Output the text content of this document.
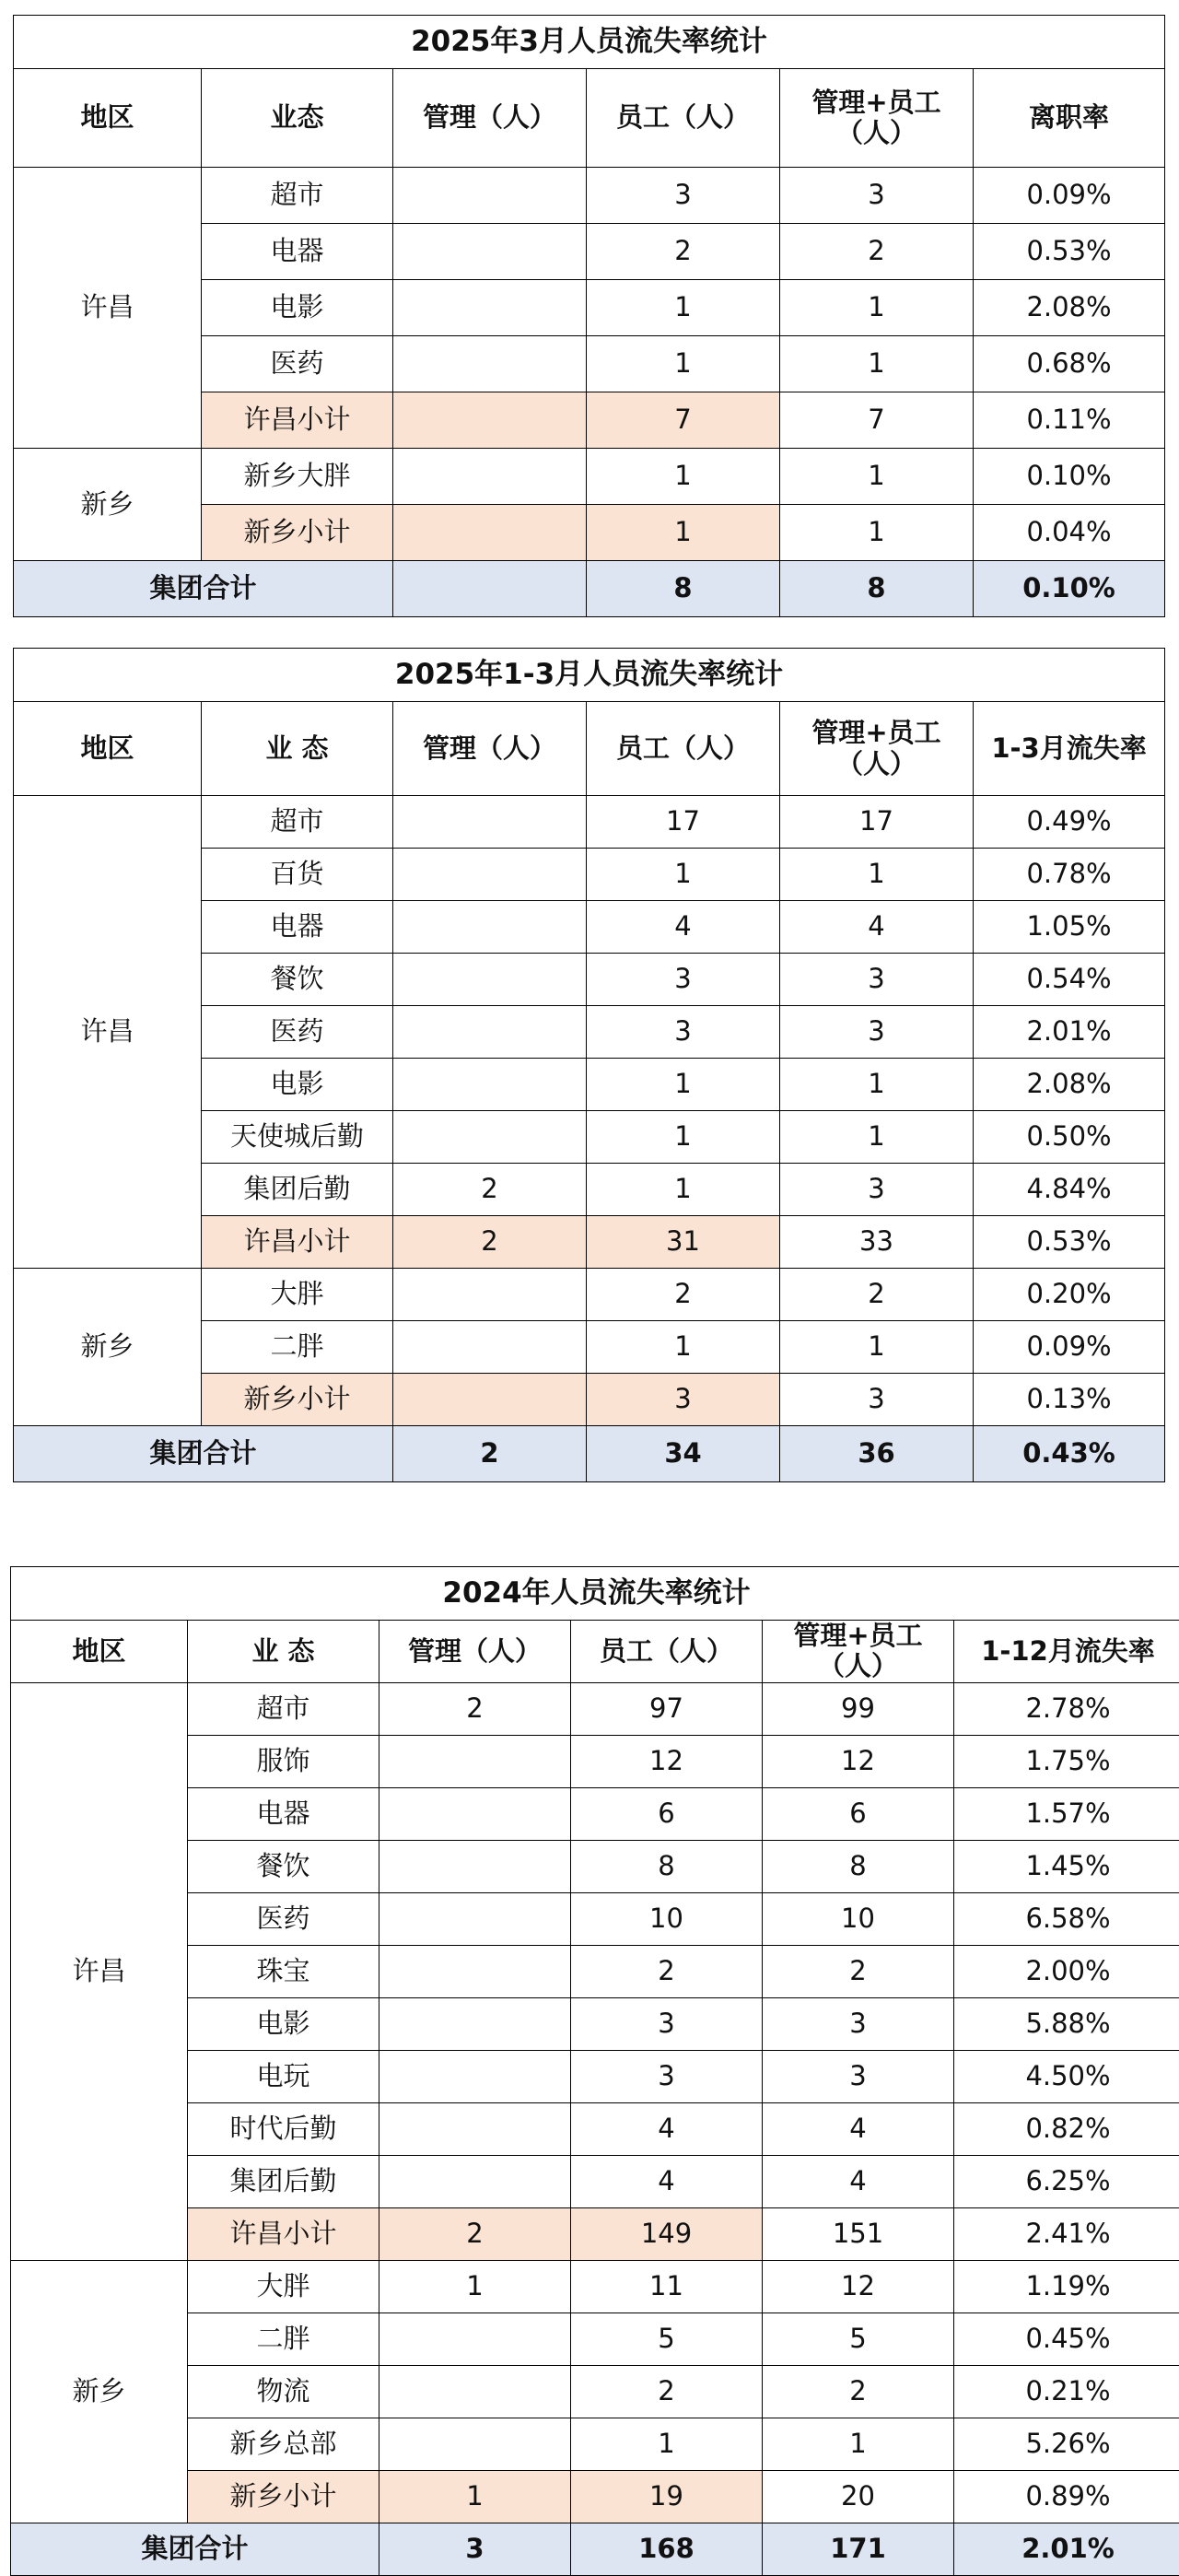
2025年3月人员流失率统计					
地区	业态	管理（人）	员工（人）	管理+员工（人）	离职率
许昌	超市		3	3	0.09%
	电器		2	2	0.53%
	电影		1	1	2.08%
	医药		1	1	0.68%
	许昌小计		7	7	0.11%
新乡	新乡大胖		1	1	0.10%
	新乡小计		1	1	0.04%
集团合计			8	8	0.10%
2025年1-3月人员流失率统计					
地区	业 态	管理（人）	员工（人）	管理+员工（人）	1-3月流失率
许昌	超市		17	17	0.49%
	百货		1	1	0.78%
	电器		4	4	1.05%
	餐饮		3	3	0.54%
	医药		3	3	2.01%
	电影		1	1	2.08%
	天使城后勤		1	1	0.50%
	集团后勤	2	1	3	4.84%
	许昌小计	2	31	33	0.53%
新乡	大胖		2	2	0.20%
	二胖		1	1	0.09%
	新乡小计		3	3	0.13%
集团合计		2	34	36	0.43%
2024年人员流失率统计					
地区	业 态	管理（人）	员工（人）	管理+员工（人）	1-12月流失率
许昌	超市	2	97	99	2.78%
	服饰		12	12	1.75%
	电器		6	6	1.57%
	餐饮		8	8	1.45%
	医药		10	10	6.58%
	珠宝		2	2	2.00%
	电影		3	3	5.88%
	电玩		3	3	4.50%
	时代后勤		4	4	0.82%
	集团后勤		4	4	6.25%
	许昌小计	2	149	151	2.41%
新乡	大胖	1	11	12	1.19%
	二胖		5	5	0.45%
	物流		2	2	0.21%
	新乡总部		1	1	5.26%
	新乡小计	1	19	20	0.89%
集团合计		3	168	171	2.01%
